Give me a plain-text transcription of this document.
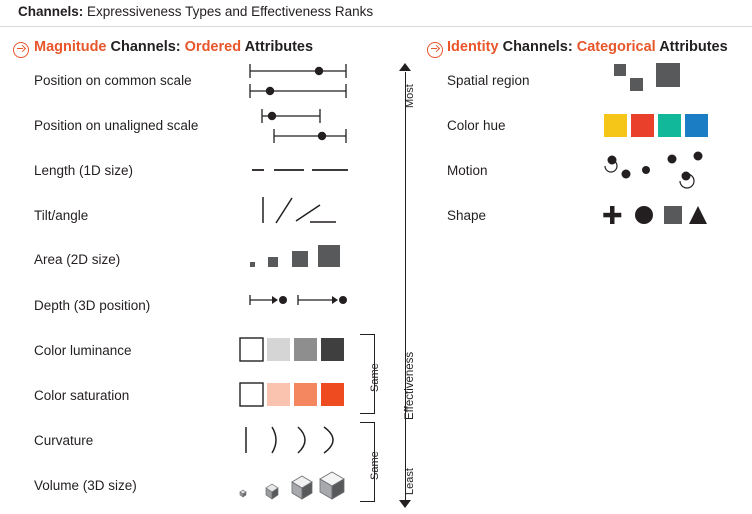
Channels: Expressiveness Types and Effectiveness Ranks
Magnitude Channels: Ordered Attributes	Identity Channels: Categorical Attributes
Position on common scale
Position on unaligned scale
Length (1D size)
Tilt/angle
Area (2D size)
Depth (3D position)
Color luminance
Color saturation
Curvature
Volume (3D size)
Same
Same
Most
Least
Effectiveness
Spatial region
Color hue
Motion
Shape
